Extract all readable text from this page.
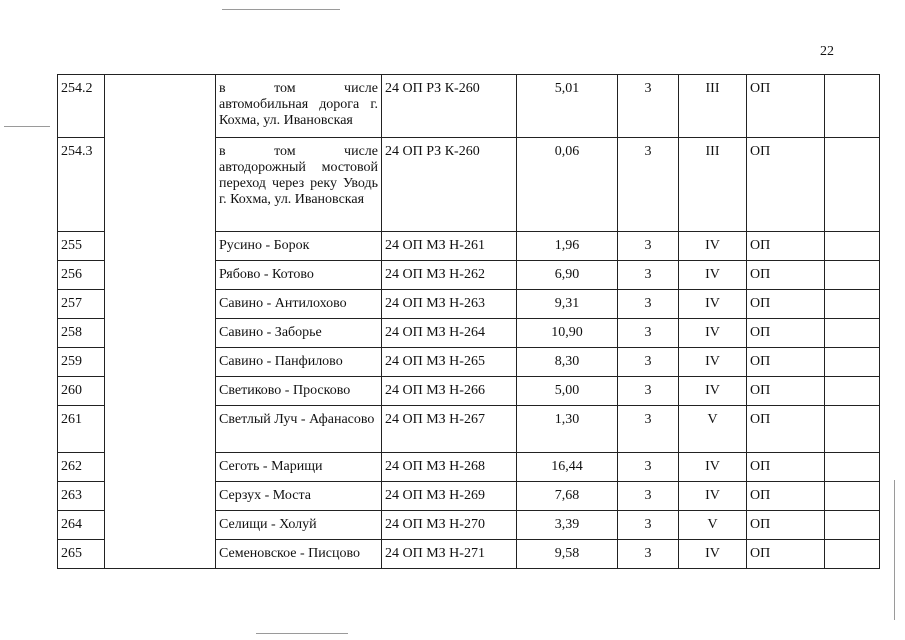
22
254.2		в том числе автомобильная дорога г. Кохма, ул. Ивановская	24 ОП РЗ К-260	5,01	3	III	ОП	
254.3		в том числе автодорожный мостовой переход через реку Уводь г. Кохма, ул. Ивановская	24 ОП РЗ К-260	0,06	3	III	ОП	
255		Русино - Борок	24 ОП МЗ Н-261	1,96	3	IV	ОП	
256		Рябово - Котово	24 ОП МЗ Н-262	6,90	3	IV	ОП	
257		Савино - Антилохово	24 ОП МЗ Н-263	9,31	3	IV	ОП	
258		Савино - Заборье	24 ОП МЗ Н-264	10,90	3	IV	ОП	
259		Савино - Панфилово	24 ОП МЗ Н-265	8,30	3	IV	ОП	
260		Светиково - Просково	24 ОП МЗ Н-266	5,00	3	IV	ОП	
261		Светлый Луч - Афанасово	24 ОП МЗ Н-267	1,30	3	V	ОП	
262		Сеготь - Марищи	24 ОП МЗ Н-268	16,44	3	IV	ОП	
263		Серзух - Моста	24 ОП МЗ Н-269	7,68	3	IV	ОП	
264		Селищи - Холуй	24 ОП МЗ Н-270	3,39	3	V	ОП	
265		Семеновское - Писцово	24 ОП МЗ Н-271	9,58	3	IV	ОП	
